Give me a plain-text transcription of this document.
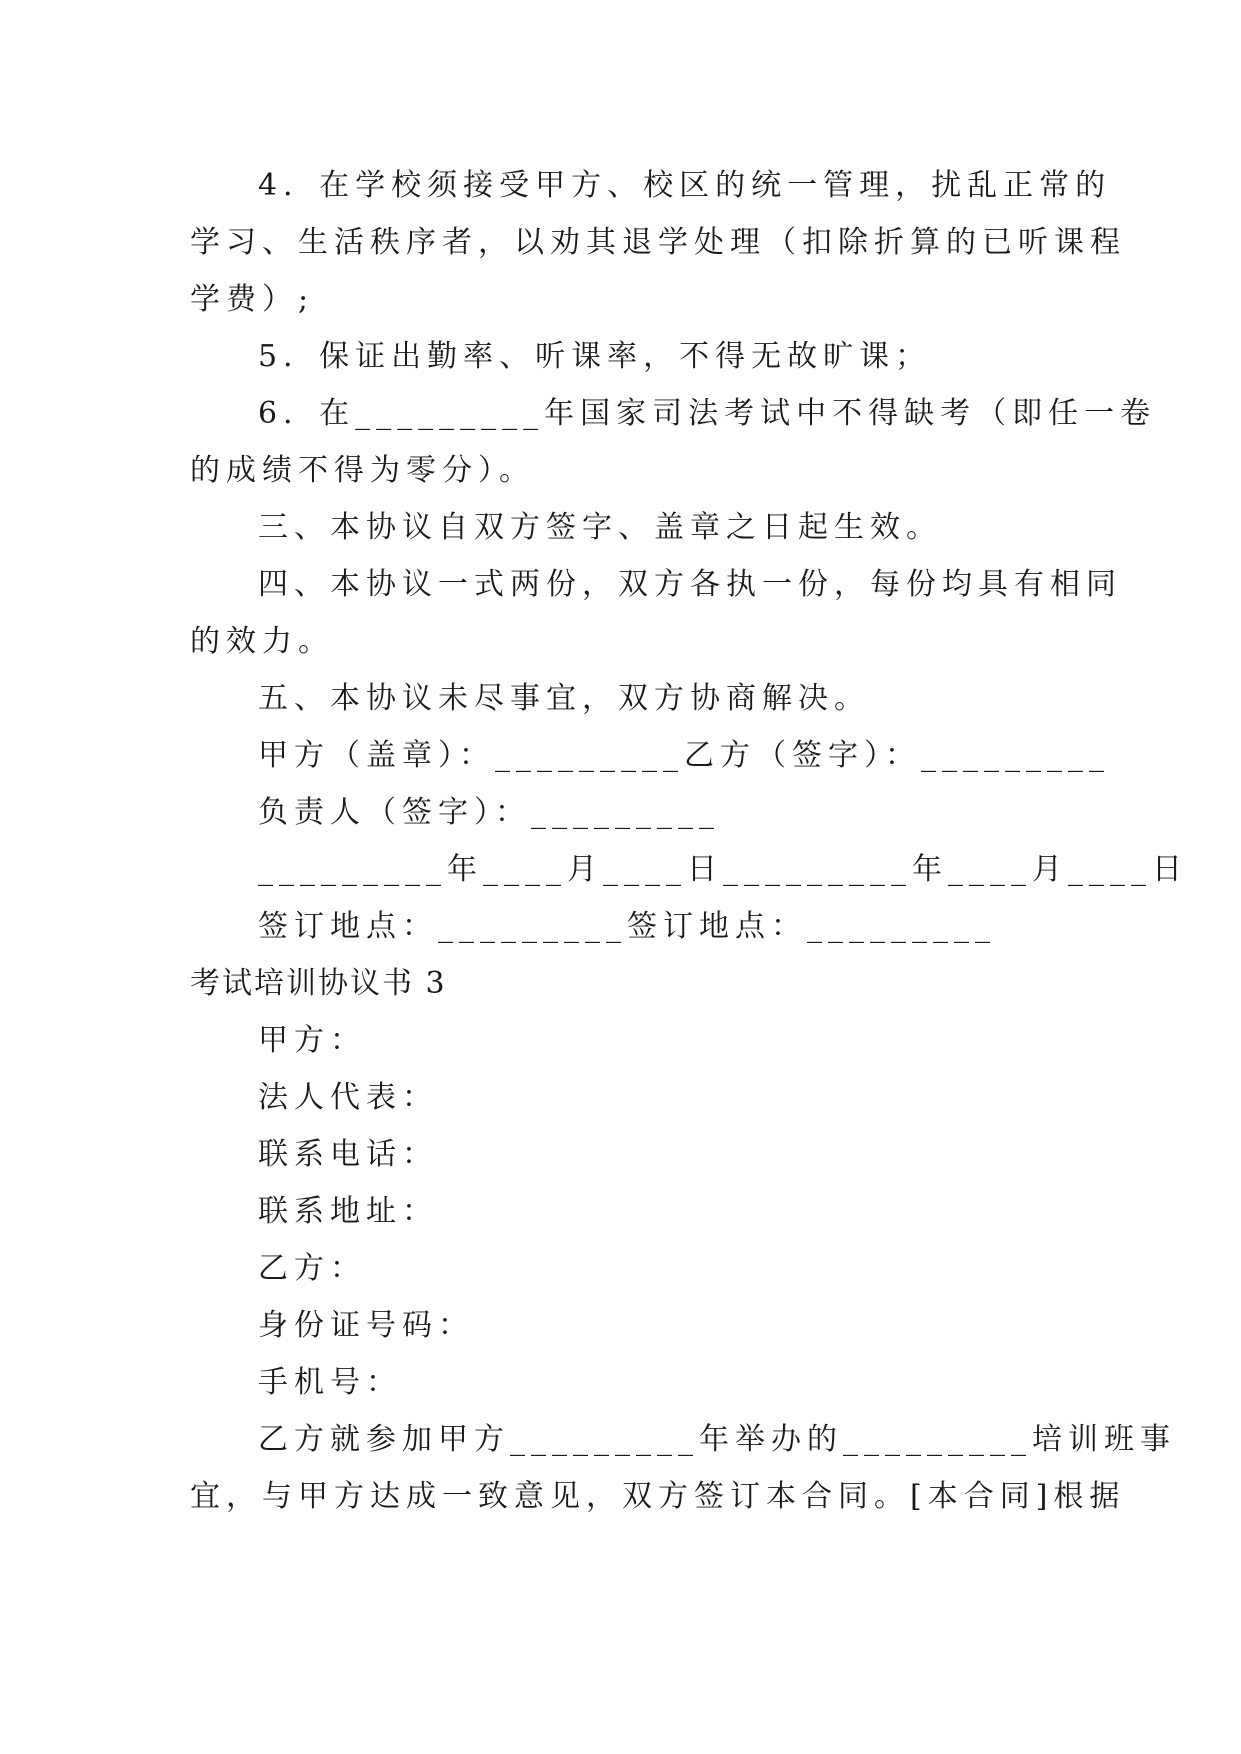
4．在学校须接受甲方、校区的统一管理，扰乱正常的
学习、生活秩序者，以劝其退学处理（扣除折算的已听课程
学费）;
5．保证出勤率、听课率，不得无故旷课；
6．在_________年国家司法考试中不得缺考（即任一卷
的成绩不得为零分）。
三、本协议自双方签字、盖章之日起生效。
四、本协议一式两份，双方各执一份，每份均具有相同
的效力。
五、本协议未尽事宜，双方协商解决。
甲方（盖章）：_________乙方（签字）：_________
负责人（签字）：_________
_________年____月____日_________年____月____日
签订地点：_________签订地点：_________
考试培训协议书 3
甲方：
法人代表：
联系电话：
联系地址：
乙方：
身份证号码：
手机号：
乙方就参加甲方_________年举办的_________培训班事
宜，与甲方达成一致意见，双方签订本合同。[本合同]根据
